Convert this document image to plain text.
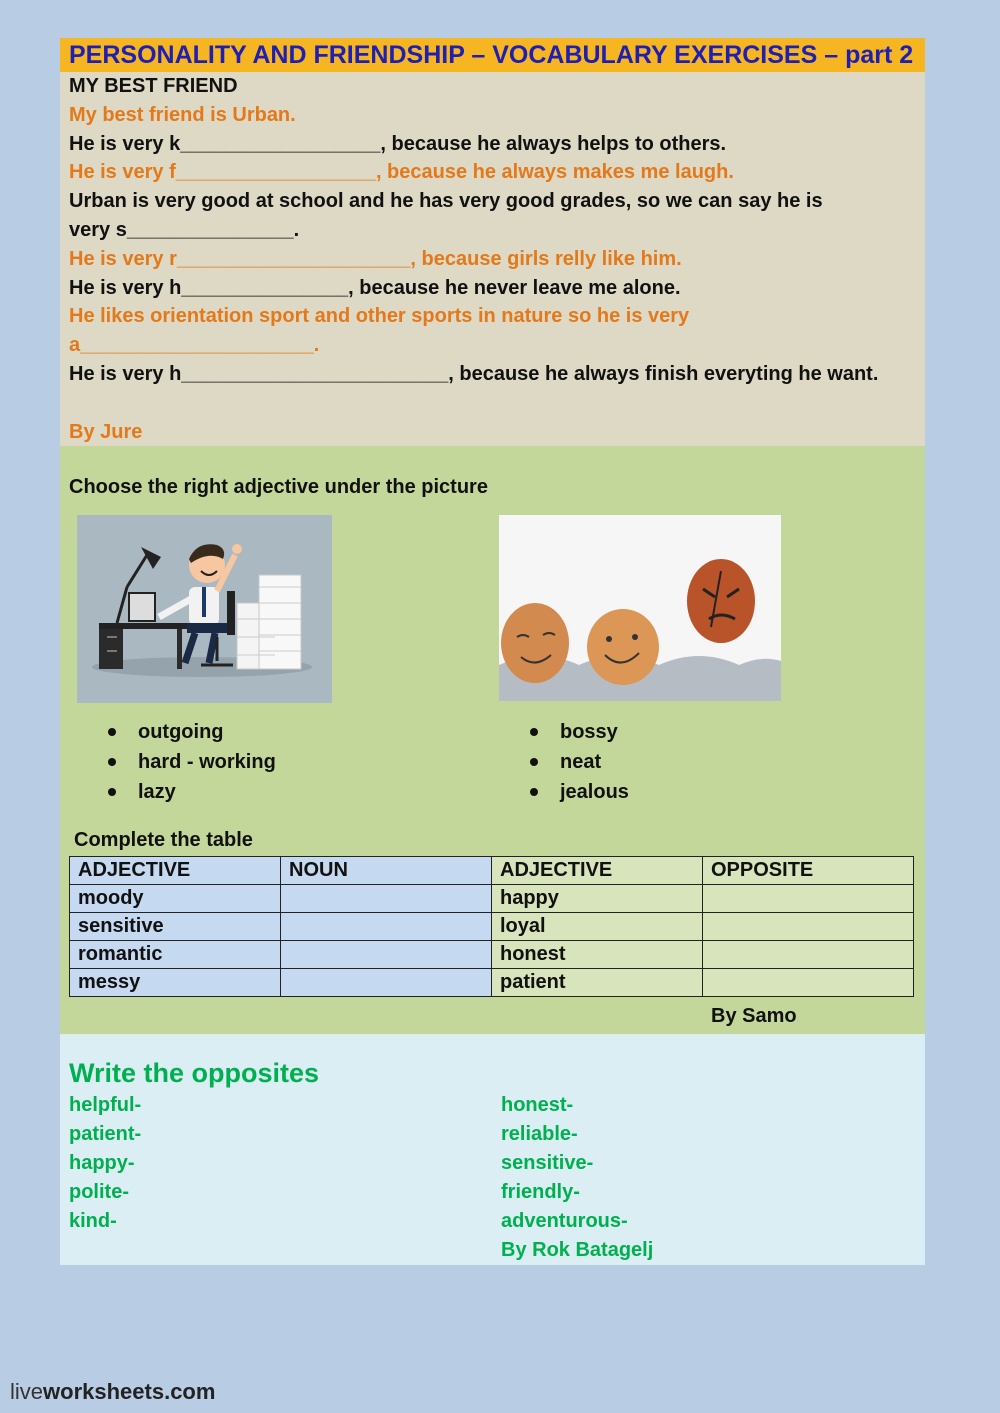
PERSONALITY AND FRIENDSHIP – VOCABULARY EXERCISES – part 2
MY BEST FRIEND
My best friend is Urban.
He is very k__________________, because he always helps to others.
He is very f__________________, because he always makes me laugh.
Urban is very good at school and he has very good grades, so we can say he is
very s_______________.
He is very r_____________________, because girls relly like him.
He is very h_______________, because he never leave me alone.
He likes orientation sport and other sports in nature so he is very
a_____________________.
He is very h________________________, because he always finish everyting he want.

By Jure
Choose the right adjective under the picture
outgoing
hard - working
lazy
bossy
neat
jealous
Complete the table
ADJECTIVE	NOUN	ADJECTIVE	OPPOSITE
moody		happy	
sensitive		loyal	
romantic		honest	
messy		patient	
By Samo
Write the opposites
helpful-
patient-
happy-
polite-
kind-
honest-
reliable-
sensitive-
friendly-
adventurous-
By Rok Batagelj
liveworksheets.com
